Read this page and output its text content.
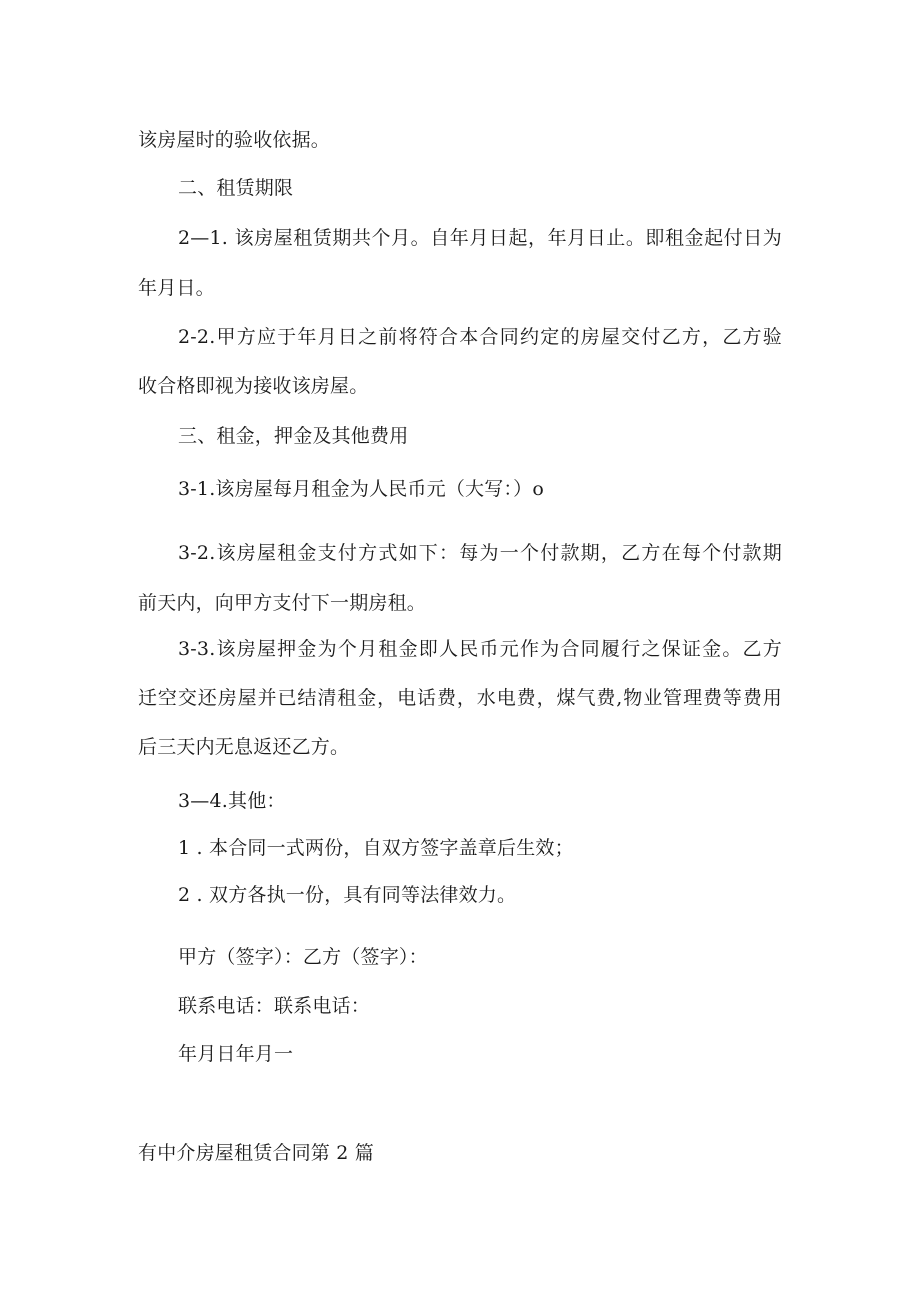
该房屋时的验收依据。
二、租赁期限
2—1. 该房屋租赁期共个月。自年月日起，年月日止。即租金起付日为
年月日。
2-2.甲方应于年月日之前将符合本合同约定的房屋交付乙方，乙方验
收合格即视为接收该房屋。
三、租金，押金及其他费用
3-1.该房屋每月租金为人民币元（大写：）o
3-2.该房屋租金支付方式如下：每为一个付款期，乙方在每个付款期
前天内，向甲方支付下一期房租。
3-3.该房屋押金为个月租金即人民币元作为合同履行之保证金。乙方
迁空交还房屋并已结清租金，电话费，水电费，煤气费,物业管理费等费用
后三天内无息返还乙方。
3—4.其他：
1 . 本合同一式两份，自双方签字盖章后生效；
2 . 双方各执一份，具有同等法律效力。
甲方（签字）：乙方（签字）：
联系电话：联系电话：
年月日年月一
有中介房屋租赁合同第 2 篇
